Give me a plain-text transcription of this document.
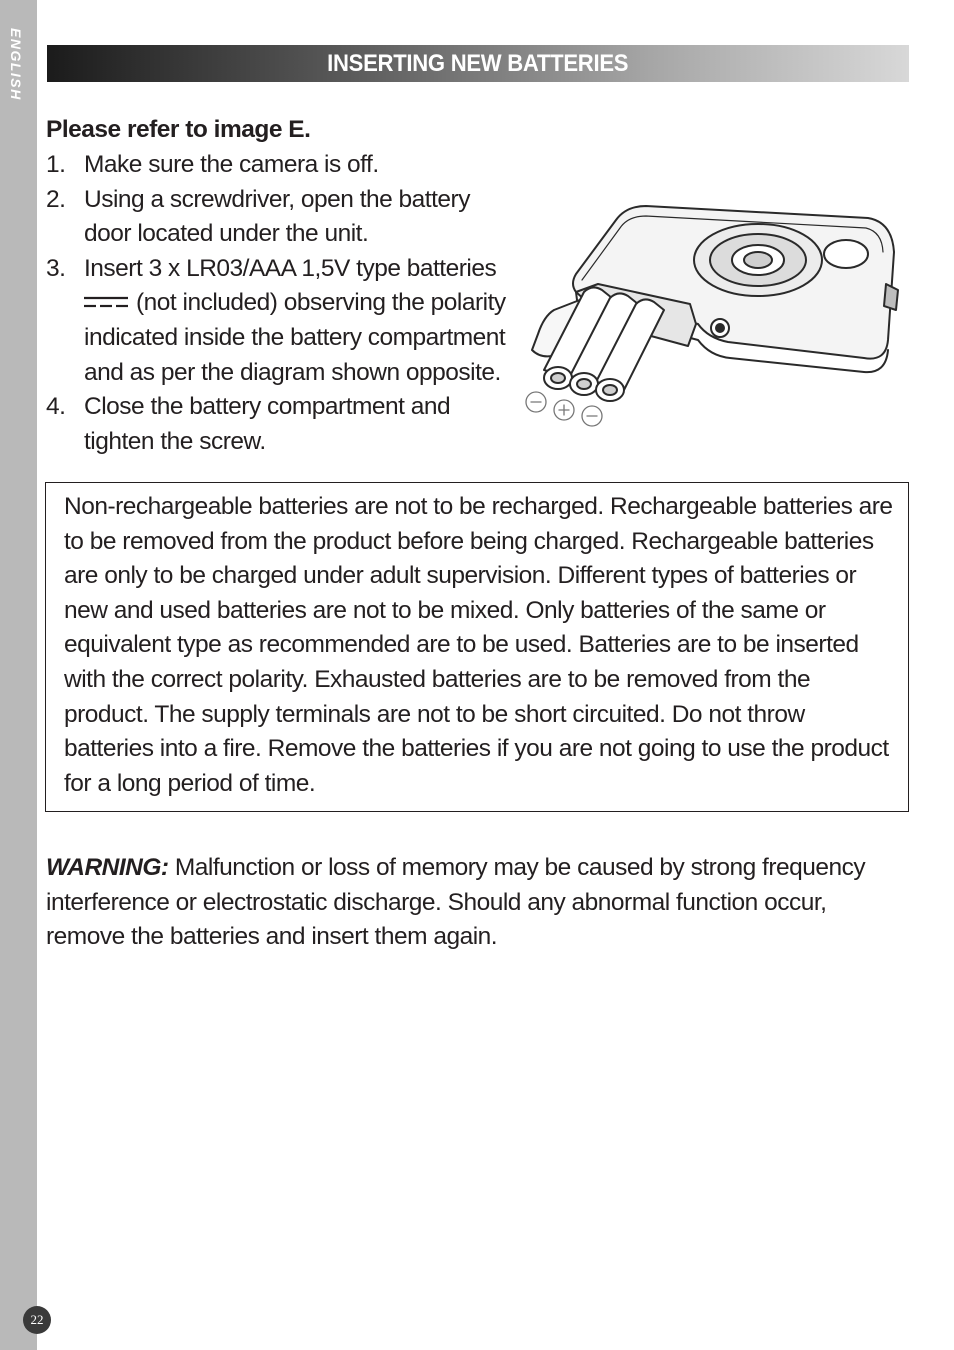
ENGLISH
22
INSERTING NEW BATTERIES
Please refer to image E.
1. Make sure the camera is off.
2. Using a screwdriver, open the battery door located under the unit.
3. Insert 3 x LR03/AAA 1,5V type batteries
(not included) observing the polarity indicated inside the battery compartment and as per the diagram shown opposite.
4. Close the battery compartment and tighten the screw.
Non-rechargeable batteries are not to be recharged. Rechargeable batteries are to be removed from the product before being charged. Rechargeable batteries are only to be charged under adult supervision. Different types of batteries or new and used batteries are not to be mixed. Only batteries of the same or equivalent type as recommended are to be used. Batteries are to be inserted with the correct polarity. Exhausted batteries are to be removed from the product. The supply terminals are not to be short circuited. Do not throw batteries into a fire. Remove the batteries if you are not going to use the product for a long period of time.
WARNING: Malfunction or loss of memory may be caused by strong frequency interference or electrostatic discharge. Should any abnormal function occur, remove the batteries and insert them again.
